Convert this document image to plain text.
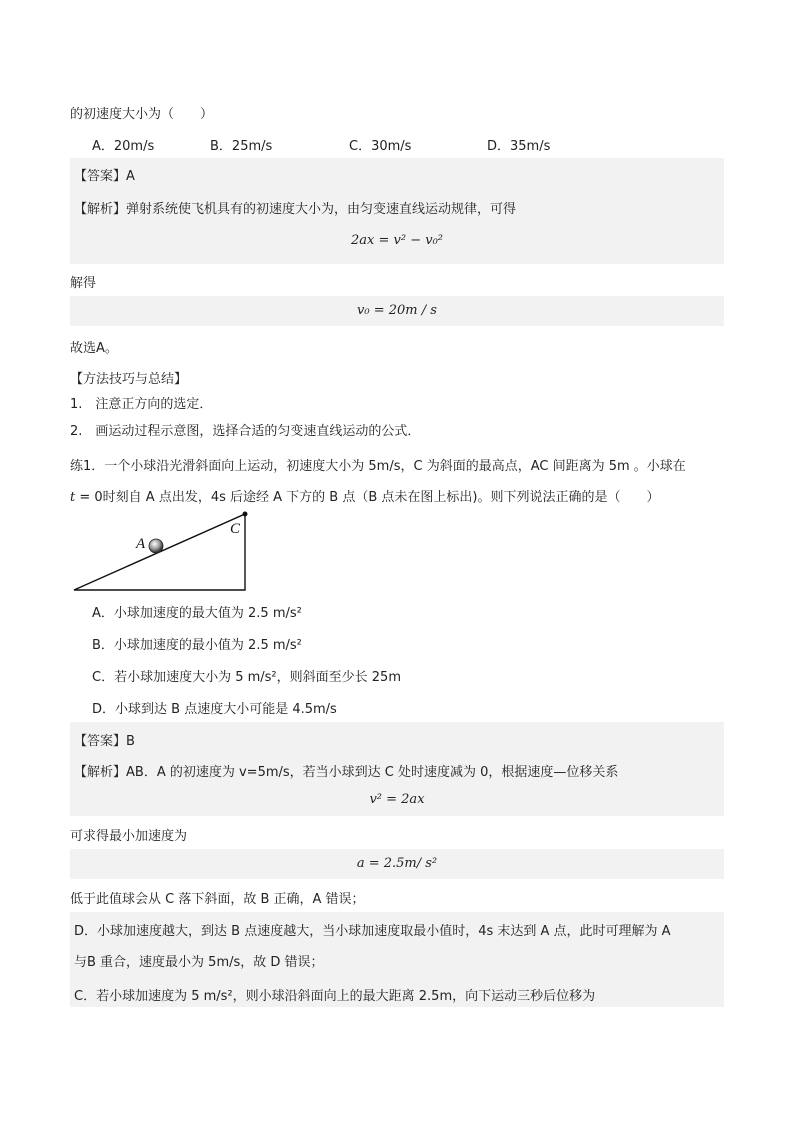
的初速度大小为（　　）
A．20m/s	B．25m/s	C．30m/s	D．35m/s
【答案】A
【解析】弹射系统使飞机具有的初速度大小为，由匀变速直线运动规律，可得
2ax = v² − v₀²
解得
v₀ = 20m / s
故选A。
【方法技巧与总结】
1.　注意正方向的选定．
2.　画运动过程示意图，选择合适的匀变速直线运动的公式．
练1．一个小球沿光滑斜面向上运动，初速度大小为 5m/s，C 为斜面的最高点，AC 间距离为 5m 。小球在
t = 0时刻自 A 点出发，4s 后途经 A 下方的 B 点（B 点未在图上标出)。则下列说法正确的是（　　）
A
C
A．小球加速度的最大值为 2.5 m/s²
B．小球加速度的最小值为 2.5 m/s²
C．若小球加速度大小为 5 m/s²，则斜面至少长 25m
D．小球到达 B 点速度大小可能是 4.5m/s
【答案】B
【解析】AB．A 的初速度为 v=5m/s，若当小球到达 C 处时速度减为 0，根据速度—位移关系
v² = 2ax
可求得最小加速度为
a = 2.5m/ s²
低于此值球会从 C 落下斜面，故 B 正确，A 错误；
D．小球加速度越大，到达 B 点速度越大，当小球加速度取最小值时，4s 末达到 A 点，此时可理解为 A
与B 重合，速度最小为 5m/s，故 D 错误；
C．若小球加速度为 5 m/s²，则小球沿斜面向上的最大距离 2.5m，向下运动三秒后位移为
